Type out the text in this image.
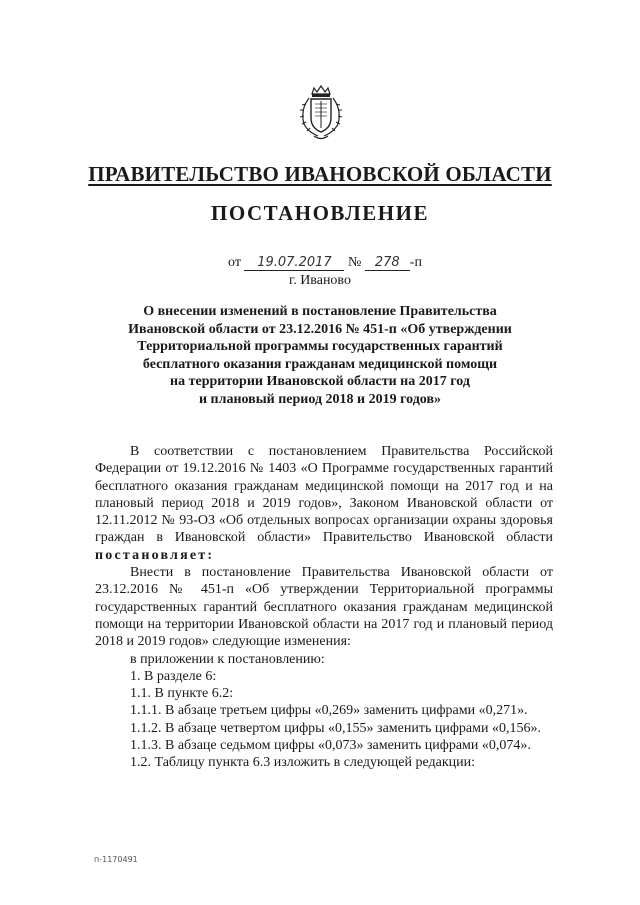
ПРАВИТЕЛЬСТВО ИВАНОВСКОЙ ОБЛАСТИ
ПОСТАНОВЛЕНИЕ
от 19.07.2017 № 278 -п
г. Иваново
О внесении изменений в постановление Правительства
Ивановской области от 23.12.2016 № 451-п «Об утверждении
Территориальной программы государственных гарантий
бесплатного оказания гражданам медицинской помощи
на территории Ивановской области на 2017 год
и плановый период 2018 и 2019 годов»

В соответствии с постановлением Правительства Российской Федерации от 19.12.2016 № 1403 «О Программе государственных гарантий бесплатного оказания гражданам медицинской помощи на 2017 год и на плановый период 2018 и 2019 годов», Законом Ивановской области от 12.11.2012 № 93-ОЗ «Об отдельных вопросах организации охраны здоровья граждан в Ивановской области» Правительство Ивановской области постановляет:

Внести в постановление Правительства Ивановской области от 23.12.2016 № 451-п «Об утверждении Территориальной программы государственных гарантий бесплатного оказания гражданам медицинской помощи на территории Ивановской области на 2017 год и плановый период 2018 и 2019 годов» следующие изменения:

в приложении к постановлению:

1. В разделе 6:

1.1. В пункте 6.2:

1.1.1. В абзаце третьем цифры «0,269» заменить цифрами «0,271».

1.1.2. В абзаце четвертом цифры «0,155» заменить цифрами «0,156».

1.1.3. В абзаце седьмом цифры «0,073» заменить цифрами «0,074».

1.2. Таблицу пункта 6.3 изложить в следующей редакции:

п-1170491
